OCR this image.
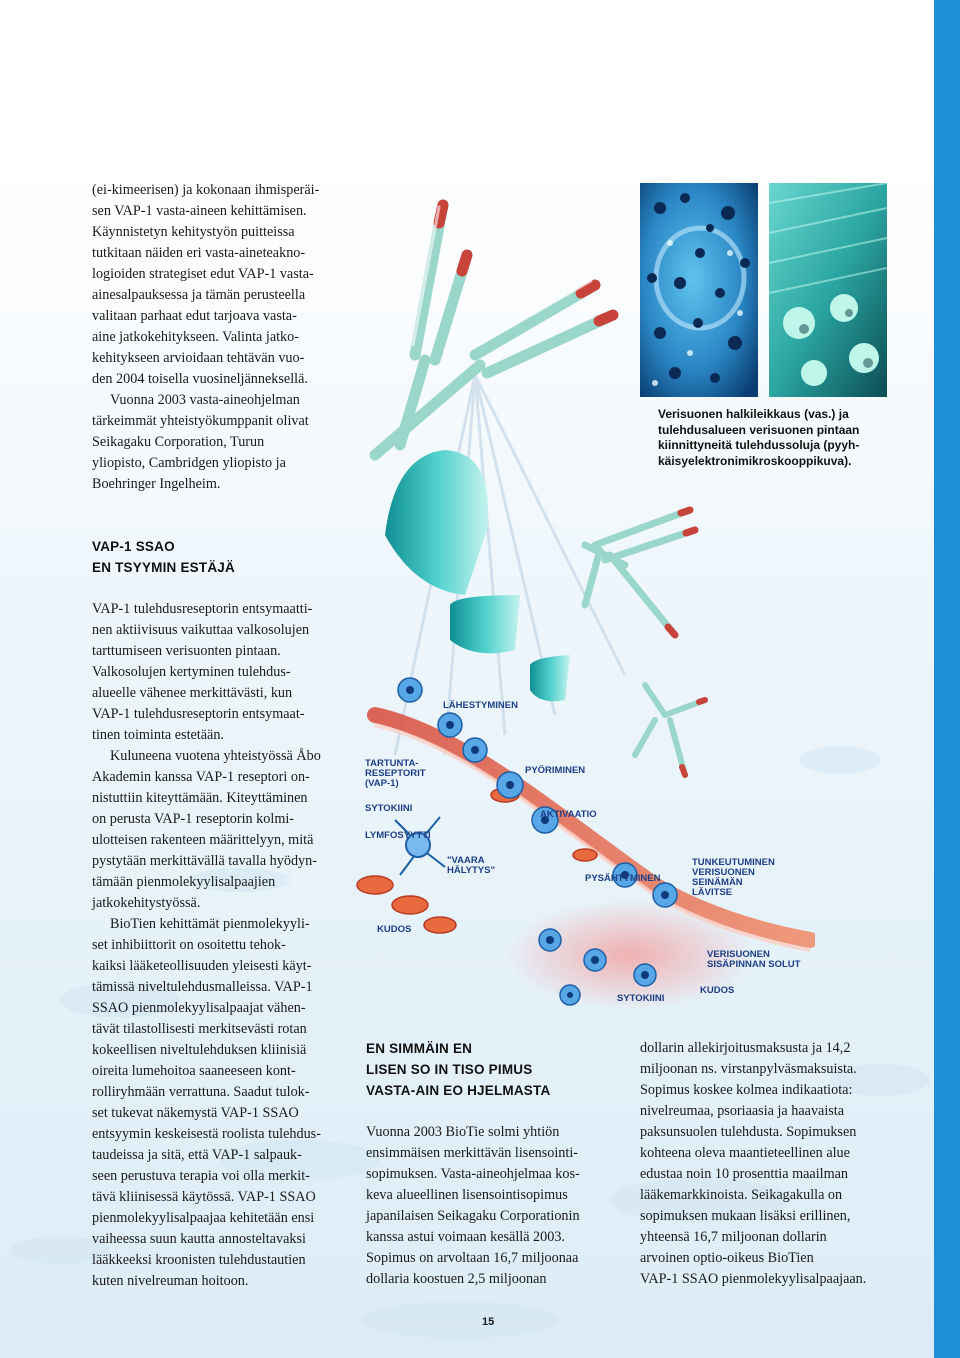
(ei-kimeerisen) ja kokonaan ihmisperäi-
sen VAP-1 vasta-aineen kehittämisen.
Käynnistetyn kehitystyön puitteissa
tutkitaan näiden eri vasta-aineteakno-
logioiden strategiset edut VAP-1 vasta-
ainesalpauksessa ja tämän perusteella
valitaan parhaat edut tarjoava vasta-
aine jatkokehitykseen. Valinta jatko-
kehitykseen arvioidaan tehtävän vuo-
den 2004 toisella vuosineljänneksellä.
Vuonna 2003 vasta-aineohjelman
tärkeimmät yhteistyökumppanit olivat
Seikagaku Corporation, Turun
yliopisto, Cambridgen yliopisto ja
Boehringer Ingelheim.
VAP-1 SSAO
EN TSYYMIN ESTÄJÄ
VAP-1 tulehdusreseptorin entsymaatti-
nen aktiivisuus vaikuttaa valkosolujen
tarttumiseen verisuonten pintaan.
Valkosolujen kertyminen tulehdus-
alueelle vähenee merkittävästi, kun
VAP-1 tulehdusreseptorin entsymaat-
tinen toiminta estetään.
Kuluneena vuotena yhteistyössä Åbo
Akademin kanssa VAP-1 reseptori on-
nistuttiin kiteyttämään. Kiteyttäminen
on perusta VAP-1 reseptorin kolmi-
ulotteisen rakenteen määrittelyyn, mitä
pystytään merkittävällä tavalla hyödyn-
tämään pienmolekyylisalpaajien
jatkokehitystyössä.
BioTien kehittämät pienmolekyyli-
set inhibiittorit on osoitettu tehok-
kaiksi lääketeollisuuden yleisesti käyt-
tämissä niveltulehdusmalleissa. VAP-1
SSAO pienmolekyylisalpaajat vähen-
tävät tilastollisesti merkitsevästi rotan
kokeellisen niveltulehduksen kliinisiä
oireita lumehoitoa saaneeseen kont-
rolliryhmään verrattuna. Saadut tulok-
set tukevat näkemystä VAP-1 SSAO
entsyymin keskeisestä roolista tulehdus-
taudeissa ja sitä, että VAP-1 salpauk-
seen perustuva terapia voi olla merkit-
tävä kliinisessä käytössä. VAP-1 SSAO
pienmolekyylisalpaajaa kehitetään ensi
vaiheessa suun kautta annosteltavaksi
lääkkeeksi kroonisten tulehdustautien
kuten nivelreuman hoitoon.
Verisuonen halkileikkaus (vas.) ja
tulehdusalueen verisuonen pintaan
kiinnittyneitä tulehdussoluja (pyyh-
käisyelektronimikroskooppikuva).
LÄHESTYMINEN
TARTUNTA-
RESEPTORIT
(VAP-1)
PYÖRIMINEN
SYTOKIINI
AKTIVAATIO
LYMFOSYYTTI
"VAARA
HÄLYTYS"
PYSÄHTYMINEN
TUNKEUTUMINEN
VERISUONEN
SEINÄMÄN
LÄVITSE
KUDOS
VERISUONEN
SISÄPINNAN SOLUT
KUDOS
SYTOKIINI
EN SIMMÄIN EN
LISEN SO IN TISO PIMUS
VASTA-AIN EO HJELMASTA
Vuonna 2003 BioTie solmi yhtiön
ensimmäisen merkittävän lisensointi-
sopimuksen. Vasta-aineohjelmaa kos-
keva alueellinen lisensointisopimus
japanilaisen Seikagaku Corporationin
kanssa astui voimaan kesällä 2003.
Sopimus on arvoltaan 16,7 miljoonaa
dollaria koostuen 2,5 miljoonan
dollarin allekirjoitusmaksusta ja 14,2
miljoonan ns. virstanpylväsmaksuista.
Sopimus koskee kolmea indikaatiota:
nivelreumaa, psoriaasia ja haavaista
paksunsuolen tulehdusta. Sopimuksen
kohteena oleva maantieteellinen alue
edustaa noin 10 prosenttia maailman
lääkemarkkinoista. Seikagakulla on
sopimuksen mukaan lisäksi erillinen,
yhteensä 16,7 miljoonan dollarin
arvoinen optio-oikeus BioTien
VAP-1 SSAO pienmolekyylisalpaajaan.
15
